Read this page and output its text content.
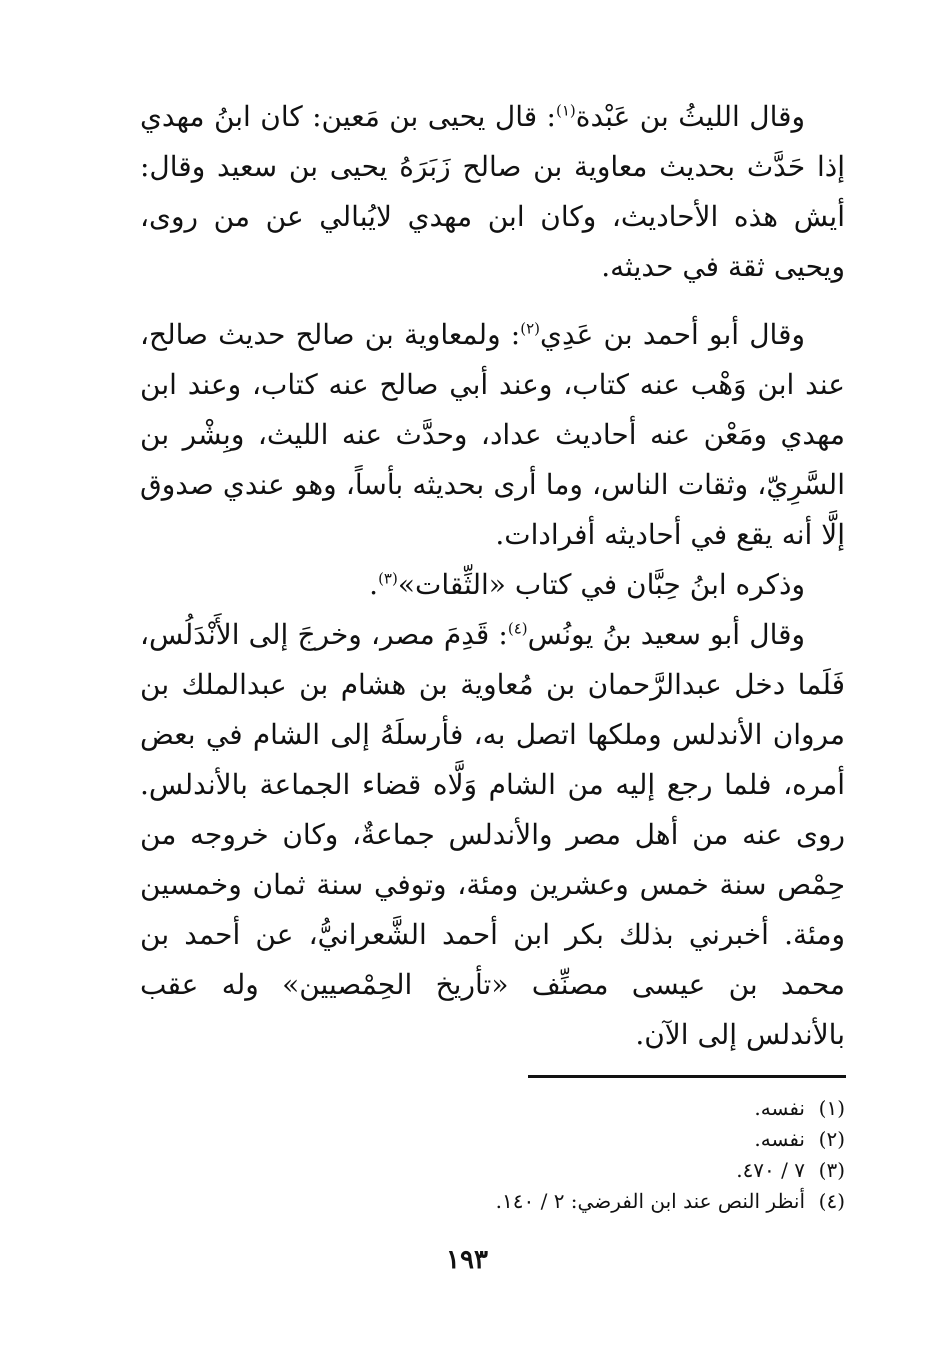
وقال الليثُ بن عَبْدة$^{(١)}$: قال يحيى بن مَعين: كان ابنُ مهدي إذا حَدَّث بحديث معاوية بن صالح زَبَرَهُ يحيى بن سعيد وقال: أيش هذه الأحاديث، وكان ابن مهدي لايُبالي عن من روى، ويحيى ثقة في حديثه.

وقال أبو أحمد بن عَدِي$^{(٢)}$: ولمعاوية بن صالح حديث صالح، عند ابن وَهْب عنه كتاب، وعند أبي صالح عنه كتاب، وعند ابن مهدي ومَعْن عنه أحاديث عداد، وحدَّث عنه الليث، وبِشْر بن السَّرِيّ، وثقات الناس، وما أرى بحديثه بأساً، وهو عندي صدوق إلَّا أنه يقع في أحاديثه أفرادات.

وذكره ابنُ حِبَّان في كتاب «الثِّقات»$^{(٣)}$.

وقال أبو سعيد بنُ يونُس$^{(٤)}$: قَدِمَ مصر، وخرجَ إلى الأَنْدَلُس، فَلَما دخل عبدالرَّحمان بن مُعاوية بن هشام بن عبدالملك بن مروان الأندلس وملكها اتصل به، فأرسلَهُ إلى الشام في بعض أمره، فلما رجع إليه من الشام وَلَّاه قضاء الجماعة بالأندلس. روى عنه من أهل مصر والأندلس جماعةٌ، وكان خروجه من حِمْص سنة خمس وعشرين ومئة، وتوفي سنة ثمان وخمسين ومئة. أخبرني بذلك بكر ابن أحمد الشَّعرانيُّ، عن أحمد بن محمد بن عيسى مصنِّف «تأريخ الحِمْصيين» وله عقب بالأندلس إلى الآن.

(١)
نفسه.
(٢)
نفسه.
(٣)
٧ / ٤٧٠.
(٤)
أنظر النص عند ابن الفرضي: ٢ / ١٤٠.
١٩٣
